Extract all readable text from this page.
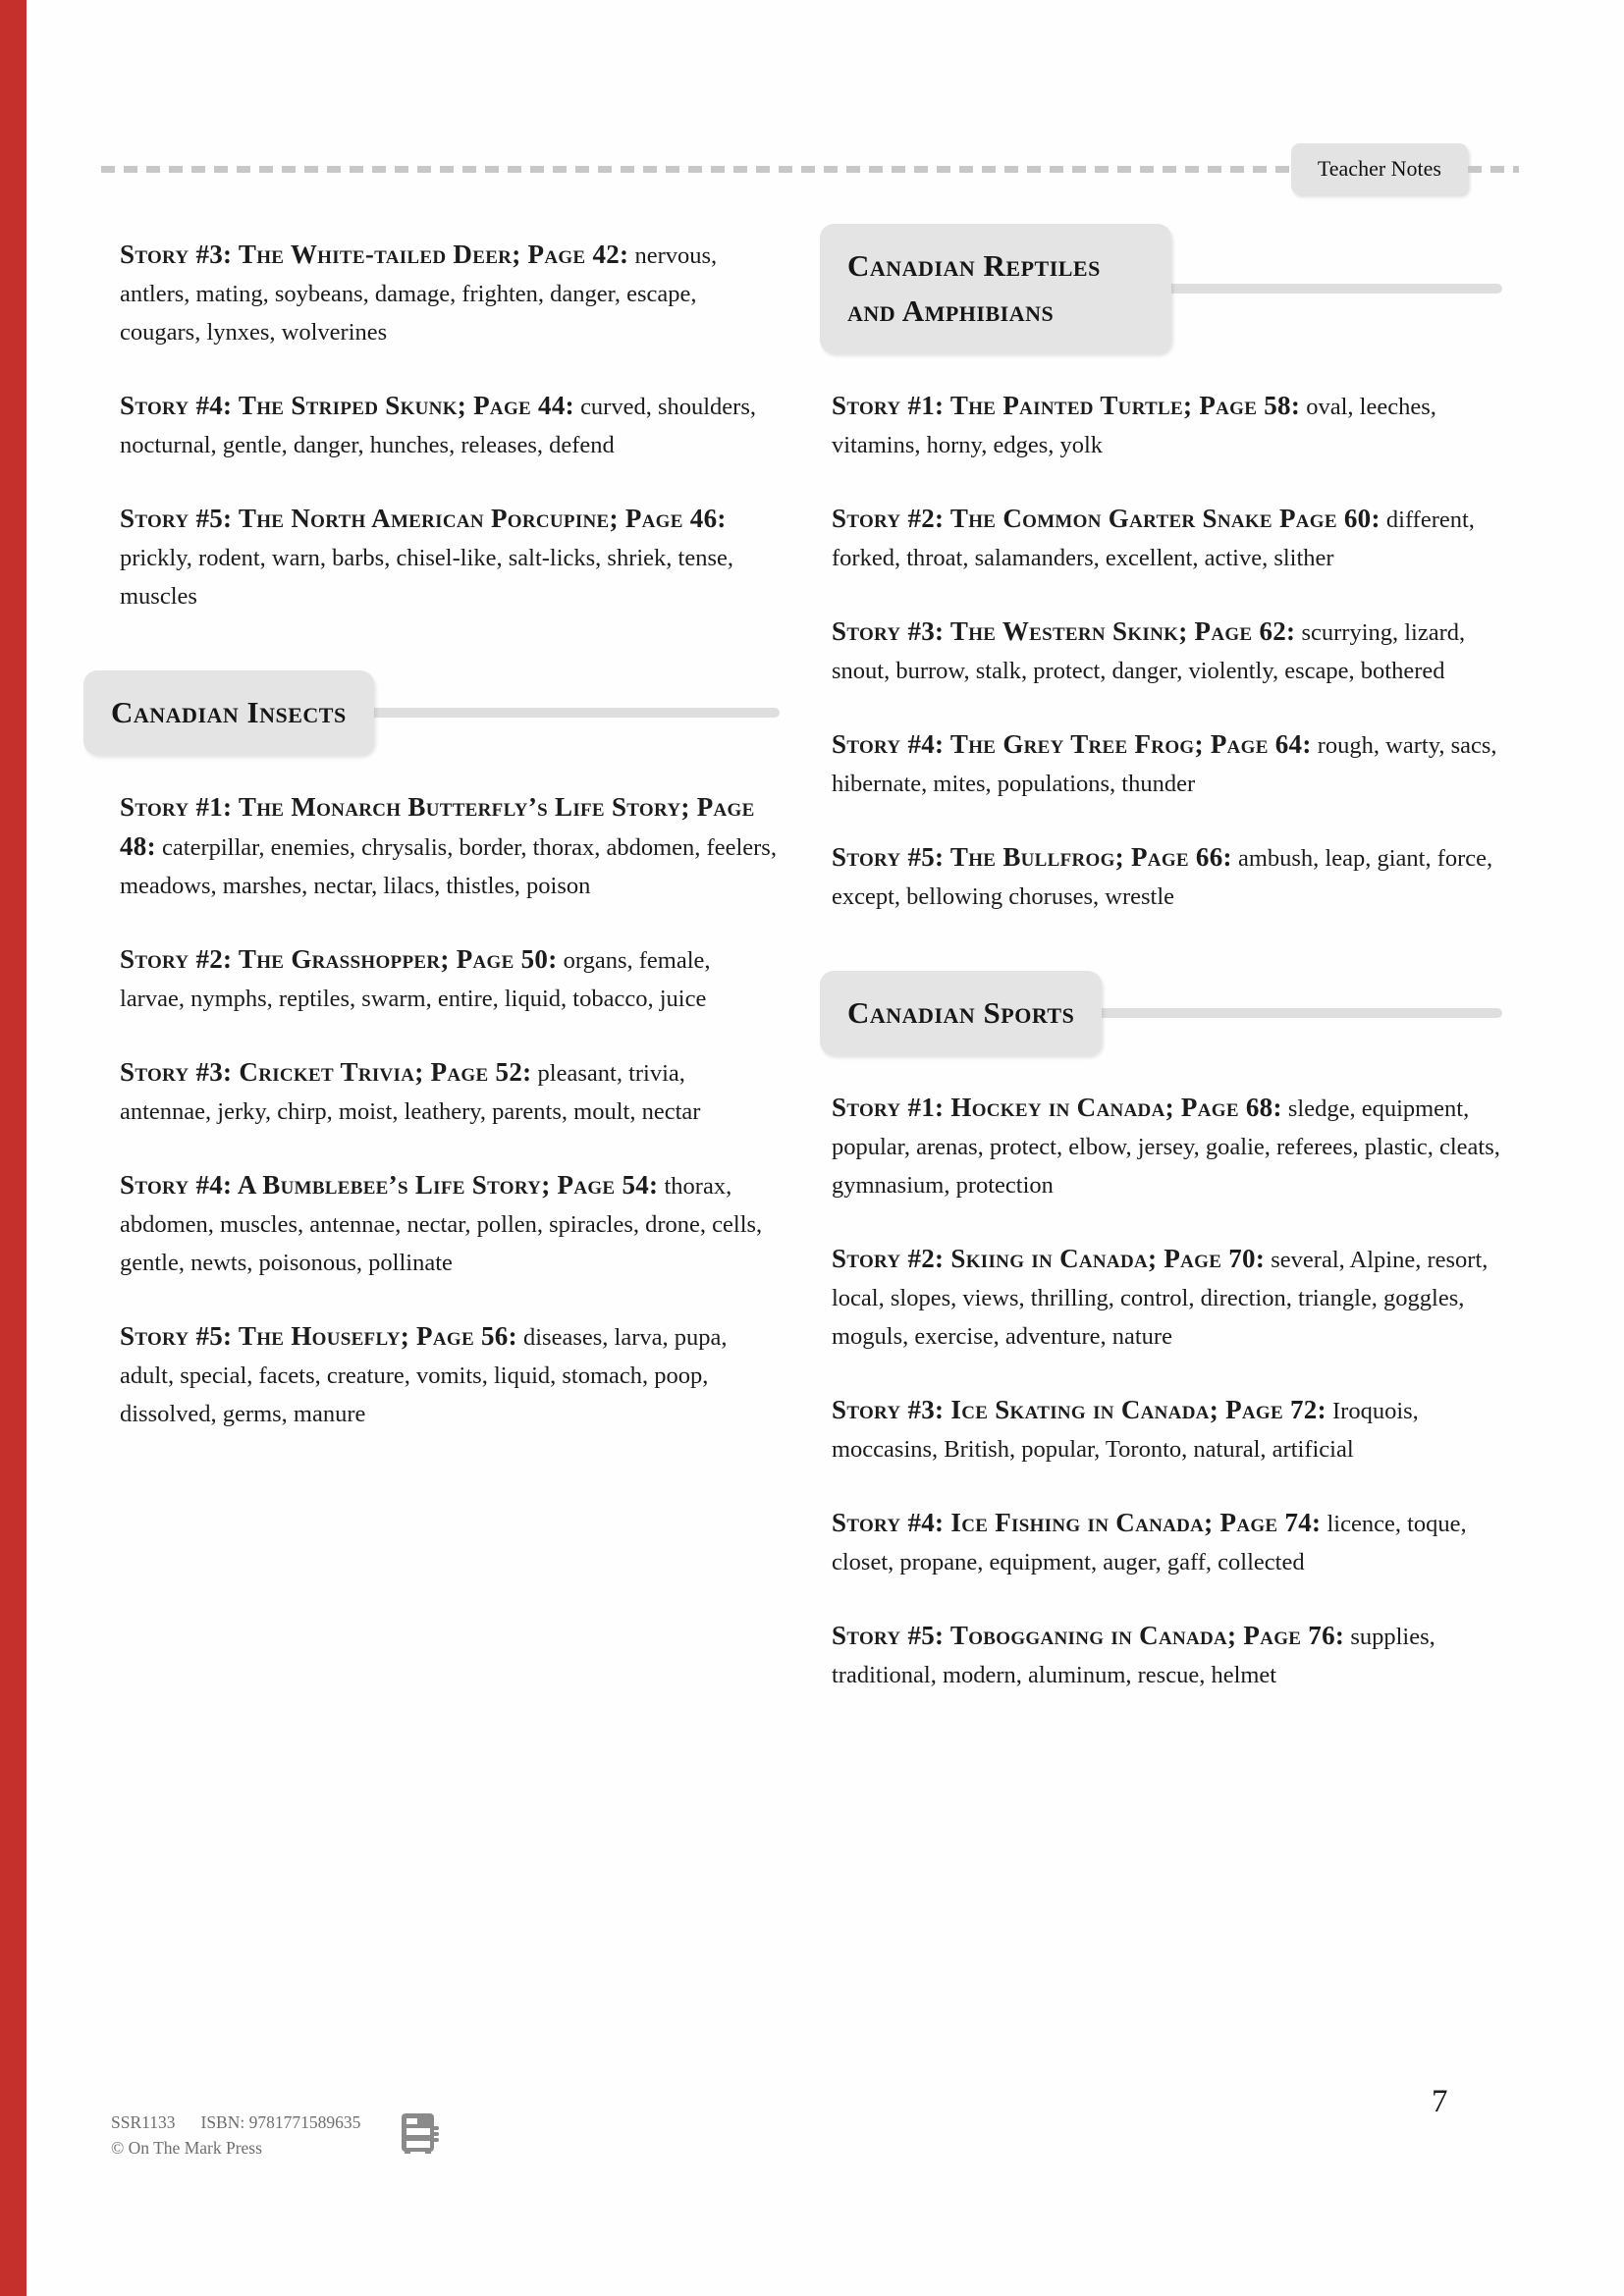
Teacher Notes

Story #3: The White-tailed Deer; Page 42: nervous, antlers, mating, soybeans, damage, frighten, danger, escape, cougars, lynxes, wolverines

Story #4: The Striped Skunk; Page 44: curved, shoulders, nocturnal, gentle, danger, hunches, releases, defend

Story #5: The North American Porcupine; Page 46: prickly, rodent, warn, barbs, chisel-like, salt-licks, shriek, tense, muscles

Canadian Insects

Story #1: The Monarch Butterfly’s Life Story; Page 48: caterpillar, enemies, chrysalis, border, thorax, abdomen, feelers, meadows, marshes, nectar, lilacs, thistles, poison

Story #2: The Grasshopper; Page 50: organs, female, larvae, nymphs, reptiles, swarm, entire, liquid, tobacco, juice

Story #3: Cricket Trivia; Page 52: pleasant, trivia, antennae, jerky, chirp, moist, leathery, parents, moult, nectar

Story #4: A Bumblebee’s Life Story; Page 54: thorax, abdomen, muscles, antennae, nectar, pollen, spiracles, drone, cells, gentle, newts, poisonous, pollinate

Story #5: The Housefly; Page 56: diseases, larva, pupa, adult, special, facets, creature, vomits, liquid, stomach, poop, dissolved, germs, manure

Canadian Reptiles and Amphibians

Story #1: The Painted Turtle; Page 58: oval, leeches, vitamins, horny, edges, yolk

Story #2: The Common Garter Snake Page 60: different, forked, throat, salamanders, excellent, active, slither

Story #3: The Western Skink; Page 62: scurrying, lizard, snout, burrow, stalk, protect, danger, violently, escape, bothered

Story #4: The Grey Tree Frog; Page 64: rough, warty, sacs, hibernate, mites, populations, thunder

Story #5: The Bullfrog; Page 66: ambush, leap, giant, force, except, bellowing choruses, wrestle

Canadian Sports

Story #1: Hockey in Canada; Page 68: sledge, equipment, popular, arenas, protect, elbow, jersey, goalie, referees, plastic, cleats, gymnasium, protection

Story #2: Skiing in Canada; Page 70: several, Alpine, resort, local, slopes, views, thrilling, control, direction, triangle, goggles, moguls, exercise, adventure, nature

Story #3: Ice Skating in Canada; Page 72: Iroquois, moccasins, British, popular, Toronto, natural, artificial

Story #4: Ice Fishing in Canada; Page 74: licence, toque, closet, propane, equipment, auger, gaff, collected

Story #5: Tobogganing in Canada; Page 76: supplies, traditional, modern, aluminum, rescue, helmet

SSR1133 ISBN: 9781771589635
© On The Mark Press
7
